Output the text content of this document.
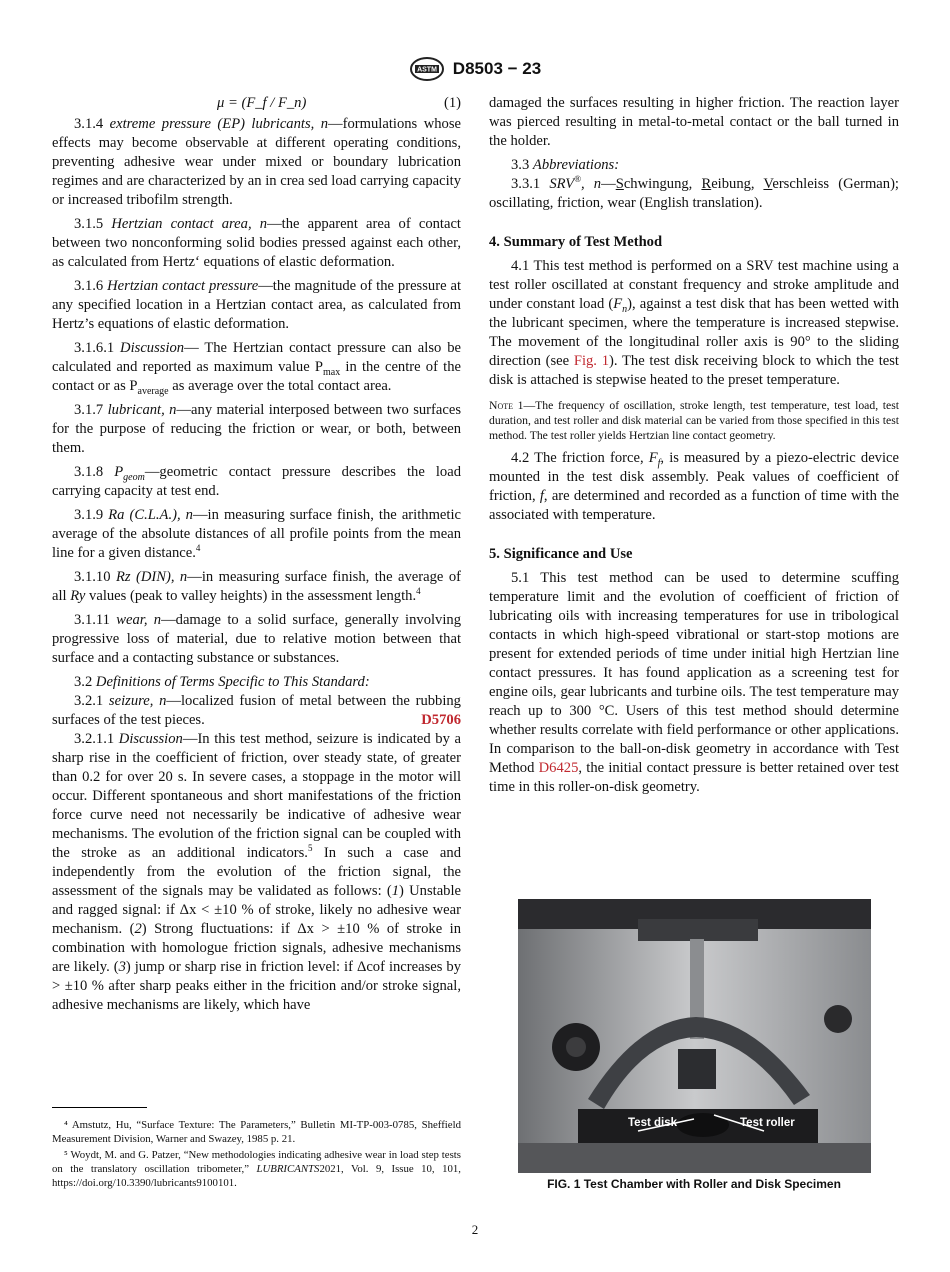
ASTM D8503 − 23
μ = (F_f / F_n)	(1)

3.1.4 extreme pressure (EP) lubricants, n—formulations whose effects may become observable at different operating conditions, preventing adhesive wear under mixed or boundary lubrication regimes and are characterized by an in crea sed load carrying capacity or increased tribofilm strength.

3.1.5 Hertzian contact area, n—the apparent area of contact between two nonconforming solid bodies pressed against each other, as calculated from Hertz‘ equations of elastic deformation.

3.1.6 Hertzian contact pressure—the magnitude of the pressure at any specified location in a Hertzian contact area, as calculated from Hertz’s equations of elastic deformation.

3.1.6.1 Discussion— The Hertzian contact pressure can also be calculated and reported as maximum value $P_{max}$ in the centre of the contact or as $P_{average}$ as average over the total contact area.

3.1.7 lubricant, n—any material interposed between two surfaces for the purpose of reducing the friction or wear, or both, between them.

3.1.8 $P_{geom}—geometric$ contact pressure describes the load carrying capacity at test end.

3.1.9 Ra (C.L.A.), n—in measuring surface finish, the arithmetic average of the absolute distances of all profile points from the mean line for a given distance.$^4$

3.1.10 Rz (DIN), n—in measuring surface finish, the average of all Ry values (peak to valley heights) in the assessment length.$^4$

3.1.11 wear, n—damage to a solid surface, generally involving progressive loss of material, due to relative motion between that surface and a contacting substance or substances.

3.2 Definitions of Terms Specific to This Standard:

3.2.1 seizure, n—localized fusion of metal between the rubbing surfaces of the test pieces.	D5706

3.2.1.1 Discussion—In this test method, seizure is indicated by a sharp rise in the coefficient of friction, over steady state, of greater than 0.2 for over 20 s. In severe cases, a stoppage in the motor will occur. Different spontaneous and short manifestations of the friction force curve need not necessarily be indicative of adhesive wear mechanisms. The evolution of the friction signal can be coupled with the stroke as an additional indicators.$^5$ In such a case and independently from the evolution of the friction signal, the assessment of the signals may be validated as follows: (1) Unstable and ragged signal: if Δx < ±10 % of stroke, likely no adhesive wear mechanism. (2) Strong fluctuations: if Δx > ±10 % of stroke in combination with homologue friction signals, adhesive mechanisms are likely. (3) jump or sharp rise in friction level: if Δcof increases by > ±10 % after sharp peaks either in the fricition and/or stroke signal, adhesive mechanisms are likely, which have

damaged the surfaces resulting in higher friction. The reaction layer was pierced resulting in metal-to-metal contact or the ball turned in the holder.

3.3 Abbreviations:

3.3.1 SRV®, n—Schwingung, Reibung, Verschleiss (German); oscillating, friction, wear (English translation).

4. Summary of Test Method

4.1 This test method is performed on a SRV test machine using a test roller oscillated at constant frequency and stroke amplitude and under constant load $(F_n)$, against a test disk that has been wetted with the lubricant specimen, where the temperature is increased stepwise. The movement of the longitudinal roller axis is 90° to the sliding direction (see Fig. 1). The test disk receiving block to which the test disk is attached is stepwise heated to the preset temperature.

Note 1—The frequency of oscillation, stroke length, test temperature, test load, test duration, and test roller and disk material can be varied from those specified in this test method. The test roller yields Hertzian line contact geometry.

4.2 The friction force, $F_f$, is measured by a piezo-electric device mounted in the test disk assembly. Peak values of coefficient of friction, f, are determined and recorded as a function of time with the associated with temperature.

5. Significance and Use

5.1 This test method can be used to determine scuffing temperature limit and the evolution of coefficient of friction of lubricating oils with increasing temperatures for use in tribological contacts in which high-speed vibrational or start-stop motions are present for extended periods of time under initial high Hertzian line contact pressures. It has found application as a screening test for engine oils, gear lubricants and turbine oils. The test temperature may reach up to 300 °C. Users of this test method should determine whether results correlate with field performance or other applications. In comparison to the ball-on-disk geometry in accordance with Test Method D6425, the initial contact pressure is better retained over test time in this roller-on-disk geometry.

Test disk	Test roller
FIG. 1 Test Chamber with Roller and Disk Specimen

⁴ Amstutz, Hu, “Surface Texture: The Parameters,” Bulletin MI-TP-003-0785, Sheffield Measurement Division, Warner and Swazey, 1985 p. 21.

⁵ Woydt, M. and G. Patzer, “New methodologies indicating adhesive wear in load step tests on the translatory oscillation tribometer,” LUBRICANTS2021, Vol. 9, Issue 10, 101, https://doi.org/10.3390/lubricants9100101.

2
